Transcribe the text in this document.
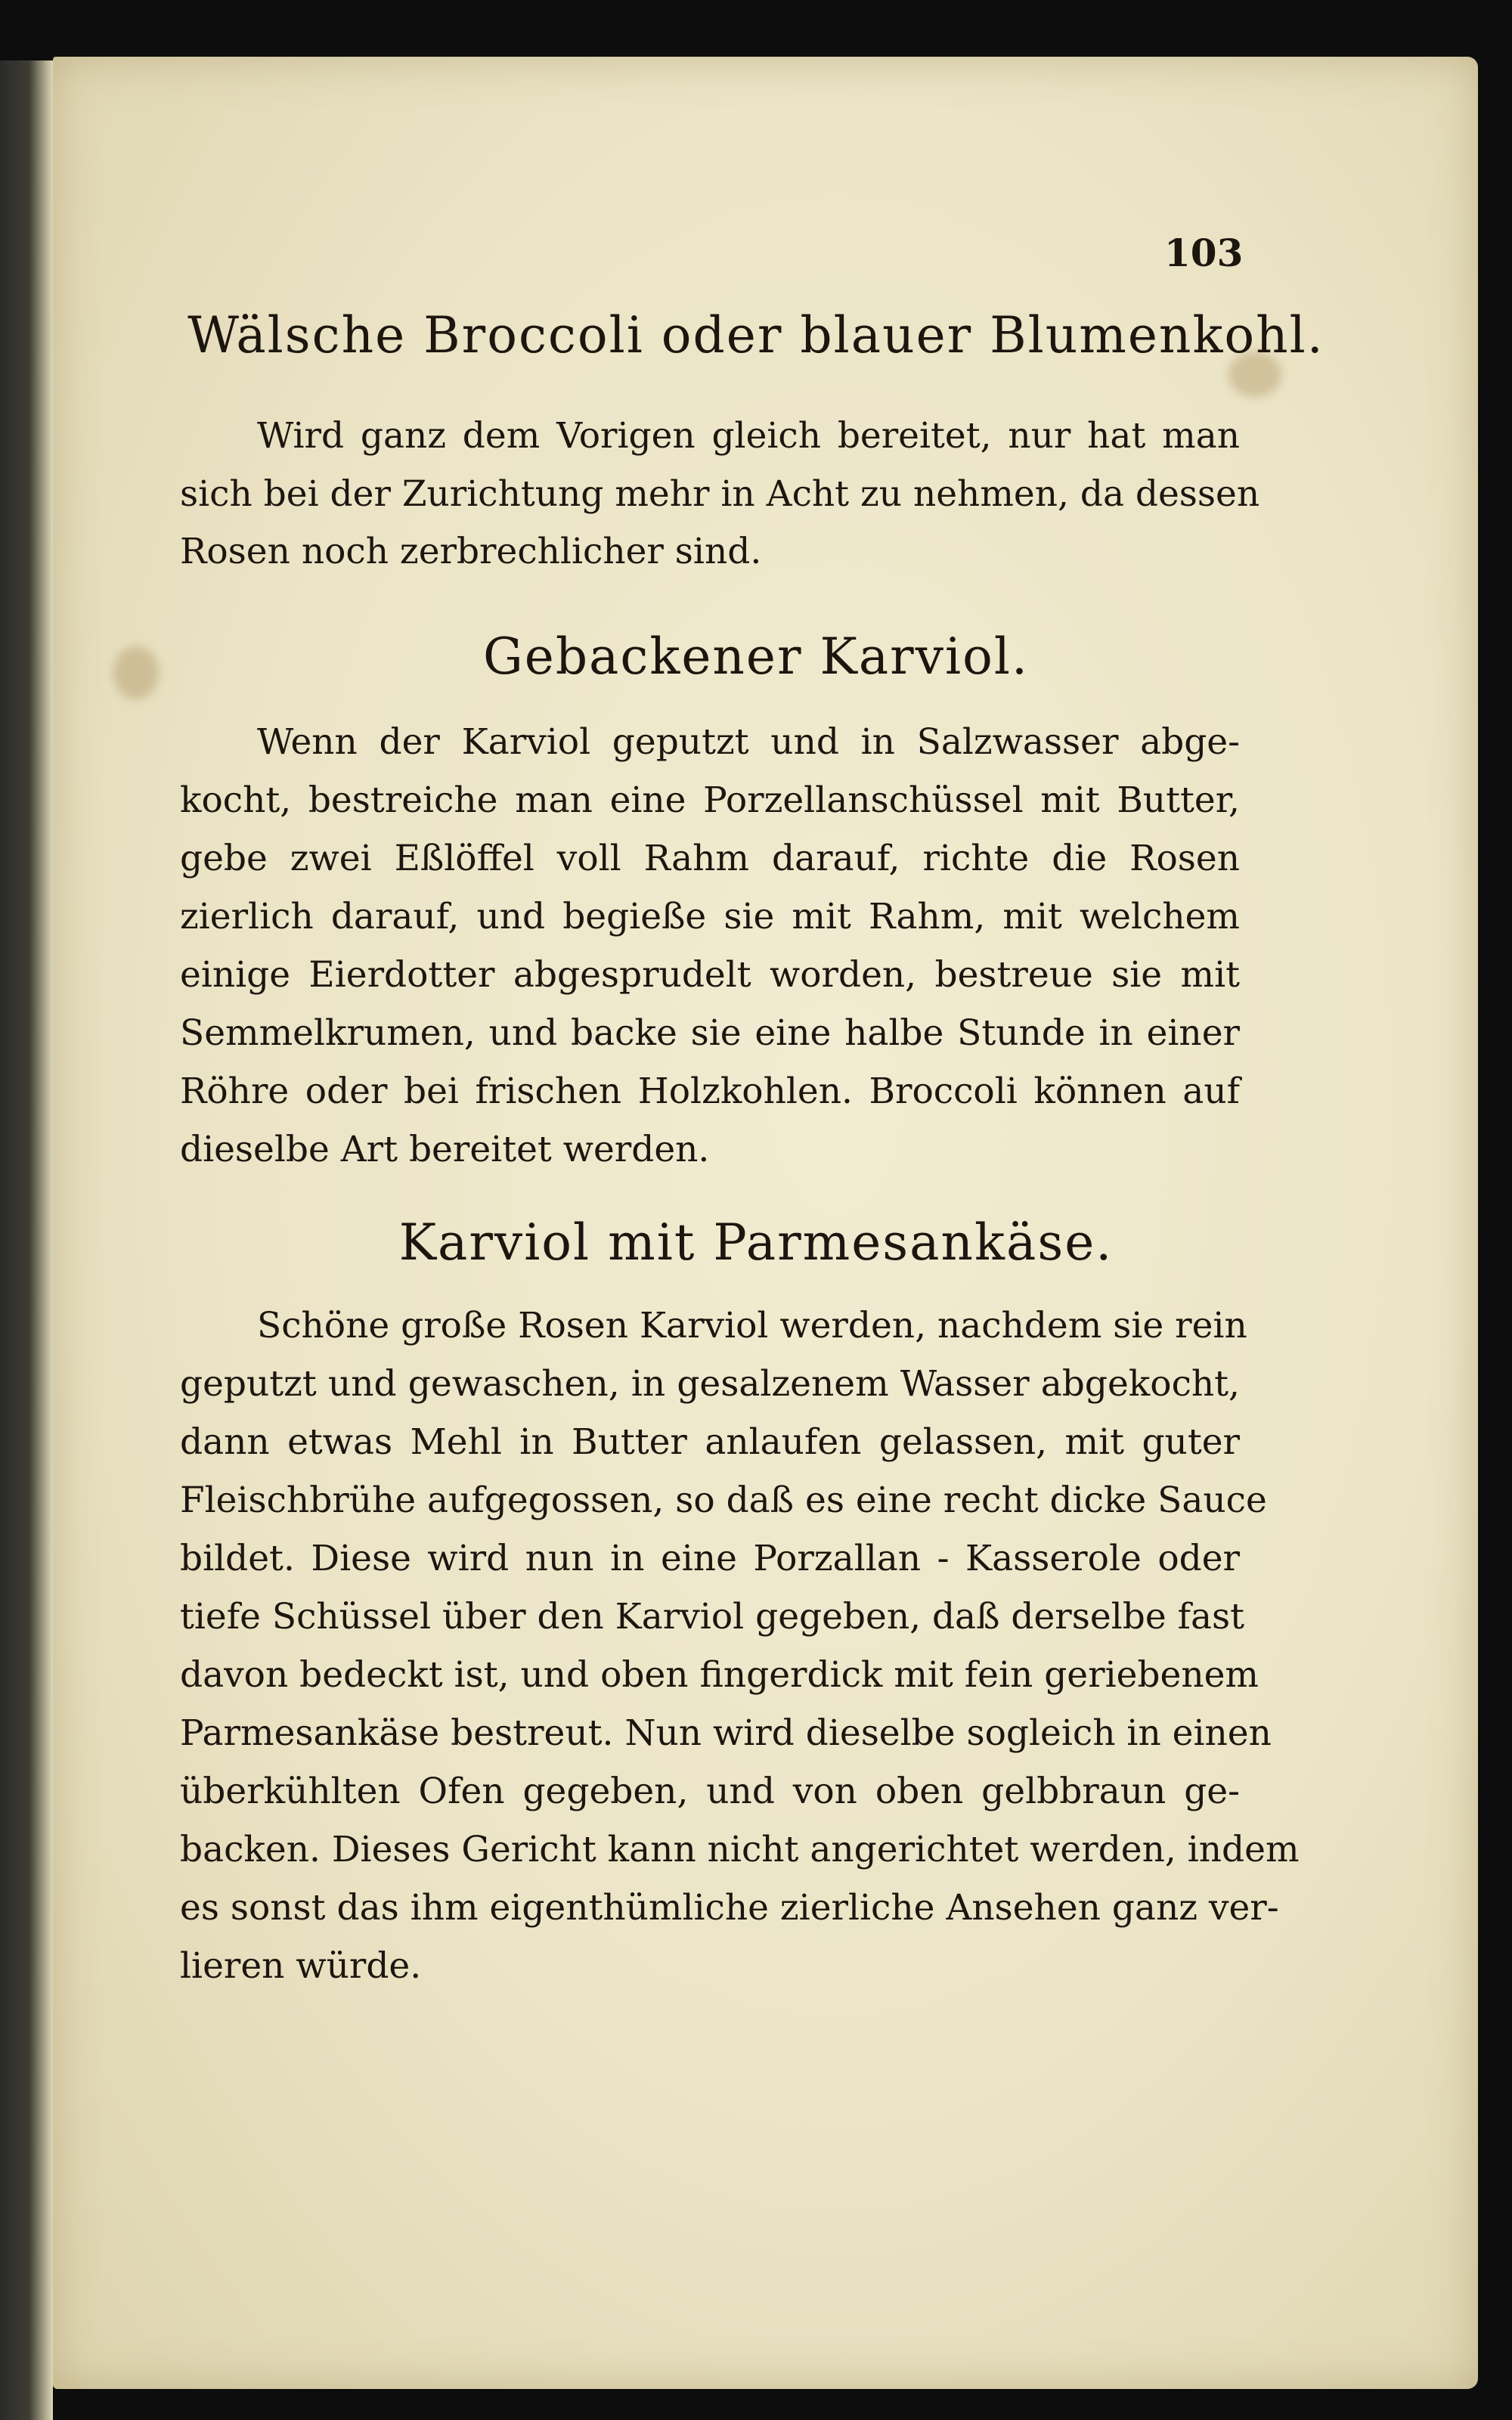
103
Wälsche Broccoli oder blauer Blumenkohl.
Wird ganz dem Vorigen gleich bereitet, nur hat man
sich bei der Zurichtung mehr in Acht zu nehmen, da dessen
Rosen noch zerbrechlicher sind.
Gebackener Karviol.
Wenn der Karviol geputzt und in Salzwasser abge-
kocht, bestreiche man eine Porzellanschüssel mit Butter,
gebe zwei Eßlöffel voll Rahm darauf, richte die Rosen
zierlich darauf, und begieße sie mit Rahm, mit welchem
einige Eierdotter abgesprudelt worden, bestreue sie mit
Semmelkrumen, und backe sie eine halbe Stunde in einer
Röhre oder bei frischen Holzkohlen. Broccoli können auf
dieselbe Art bereitet werden.
Karviol mit Parmesankäse.
Schöne große Rosen Karviol werden, nachdem sie rein
geputzt und gewaschen, in gesalzenem Wasser abgekocht,
dann etwas Mehl in Butter anlaufen gelassen, mit guter
Fleischbrühe aufgegossen, so daß es eine recht dicke Sauce
bildet. Diese wird nun in eine Porzallan - Kasserole oder
tiefe Schüssel über den Karviol gegeben, daß derselbe fast
davon bedeckt ist, und oben fingerdick mit fein geriebenem
Parmesankäse bestreut. Nun wird dieselbe sogleich in einen
überkühlten Ofen gegeben, und von oben gelbbraun ge-
backen. Dieses Gericht kann nicht angerichtet werden, indem
es sonst das ihm eigenthümliche zierliche Ansehen ganz ver-
lieren würde.
